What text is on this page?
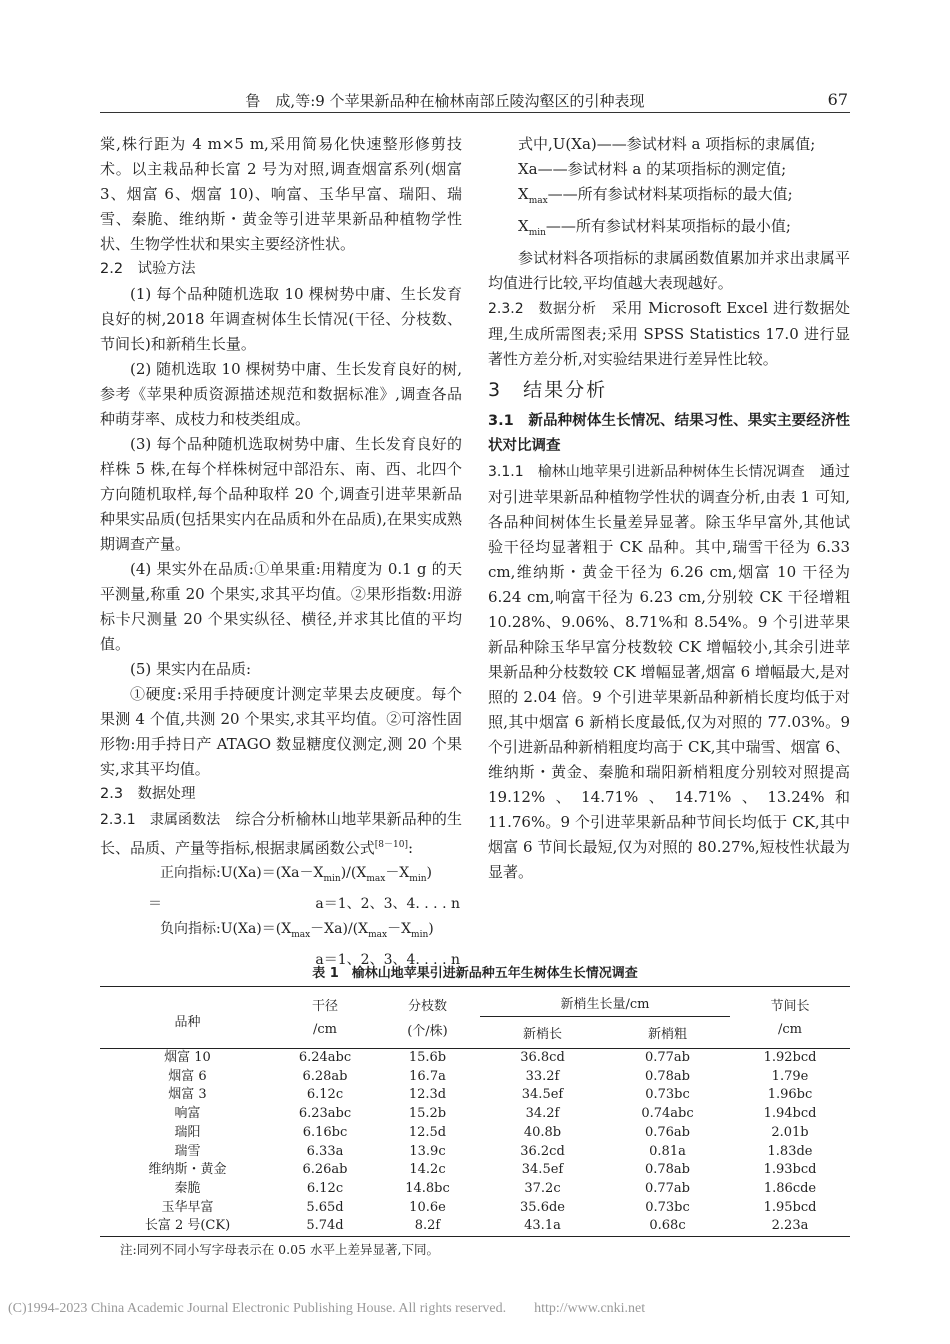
鲁　成,等:9 个苹果新品种在榆林南部丘陵沟壑区的引种表现	67

棠,株行距为 4 m×5 m,采用简易化快速整形修剪技术。以主栽品种长富 2 号为对照,调查烟富系列(烟富 3、烟富 6、烟富 10)、响富、玉华早富、瑞阳、瑞雪、秦脆、维纳斯・黄金等引进苹果新品种植物学性状、生物学性状和果实主要经济性状。

2.2　试验方法

(1) 每个品种随机选取 10 棵树势中庸、生长发育良好的树,2018 年调查树体生长情况(干径、分枝数、节间长)和新稍生长量。

(2) 随机选取 10 棵树势中庸、生长发育良好的树,参考《苹果种质资源描述规范和数据标准》,调查各品种萌芽率、成枝力和枝类组成。

(3) 每个品种随机选取树势中庸、生长发育良好的样株 5 株,在每个样株树冠中部沿东、南、西、北四个方向随机取样,每个品种取样 20 个,调查引进苹果新品种果实品质(包括果实内在品质和外在品质),在果实成熟期调查产量。

(4) 果实外在品质:①单果重:用精度为 0.1 g 的天平测量,称重 20 个果实,求其平均值。②果形指数:用游标卡尺测量 20 个果实纵径、横径,并求其比值的平均值。

(5) 果实内在品质:

①硬度:采用手持硬度计测定苹果去皮硬度。每个果测 4 个值,共测 20 个果实,求其平均值。②可溶性固形物:用手持日产 ATAGO 数显糖度仪测定,测 20 个果实,求其平均值。

2.3　数据处理

2.3.1　隶属函数法　 综合分析榆林山地苹果新品种的生长、品质、产量等指标,根据隶属函数公式[8－10]:

正向指标$:U(Xa)=(Xa-X_{min})/(X_{max}-X_{min})$

＝	a＝1、2、3、4. . . . n

负向指标$:U(Xa)=(X_{max}-Xa)/(X_{max}-X_{min})$

a＝1、2、3、4. . . . n

式中,U(Xa)——参试材料 a 项指标的隶属值;

Xa——参试材料 a 的某项指标的测定值;

$X_{max}——$所有参试材料某项指标的最大值;

$X_{min}——$所有参试材料某项指标的最小值;

参试材料各项指标的隶属函数值累加并求出隶属平均值进行比较,平均值越大表现越好。

2.3.2　数据分析　 采用 Microsoft Excel 进行数据处理,生成所需图表;采用 SPSS Statistics 17.0 进行显著性方差分析,对实验结果进行差异性比较。

3　结果分析

3.1　新品种树体生长情况、结果习性、果实主要经济性状对比调查

3.1.1　榆林山地苹果引进新品种树体生长情况调查　 通过对引进苹果新品种植物学性状的调查分析,由表 1 可知,各品种间树体生长量差异显著。除玉华早富外,其他试验干径均显著粗于 CK 品种。其中,瑞雪干径为 6.33 cm,维纳斯・黄金干径为 6.26 cm,烟富 10 干径为 6.24 cm,响富干径为 6.23 cm,分别较 CK 干径增粗 10.28%、9.06%、8.71%和 8.54%。9 个引进苹果新品种除玉华早富分枝数较 CK 增幅较小,其余引进苹果新品种分枝数较 CK 增幅显著,烟富 6 增幅最大,是对照的 2.04 倍。9 个引进苹果新品种新梢长度均低于对照,其中烟富 6 新梢长度最低,仅为对照的 77.03%。9 个引进新品种新梢粗度均高于 CK,其中瑞雪、烟富 6、维纳斯・黄金、秦脆和瑞阳新梢粗度分别较对照提高 19.12%、14.71%、14.71%、13.24%和 11.76%。9 个引进苹果新品种节间长均低于 CK,其中烟富 6 节间长最短,仅为对照的 80.27%,短枝性状最为显著。

表 1　榆林山地苹果引进新品种五年生树体生长情况调查
品种	干径	分枝数	新梢生长量/cm		节间长
	/cm	(个/株)	新梢长	新梢粗	/cm
烟富 10	6.24abc	15.6b	36.8cd	0.77ab	1.92bcd
烟富 6	6.28ab	16.7a	33.2f	0.78ab	1.79e
烟富 3	6.12c	12.3d	34.5ef	0.73bc	1.96bc
响富	6.23abc	15.2b	34.2f	0.74abc	1.94bcd
瑞阳	6.16bc	12.5d	40.8b	0.76ab	2.01b
瑞雪	6.33a	13.9c	36.2cd	0.81a	1.83de
维纳斯・黄金	6.26ab	14.2c	34.5ef	0.78ab	1.93bcd
秦脆	6.12c	14.8bc	37.2c	0.77ab	1.86cde
玉华早富	5.65d	10.6e	35.6de	0.73bc	1.95bcd
长富 2 号(CK)	5.74d	8.2f	43.1a	0.68c	2.23a
注:同列不同小写字母表示在 0.05 水平上差异显著,下同。
(C)1994-2023 China Academic Journal Electronic Publishing House. All rights reserved.　　http://www.cnki.net
